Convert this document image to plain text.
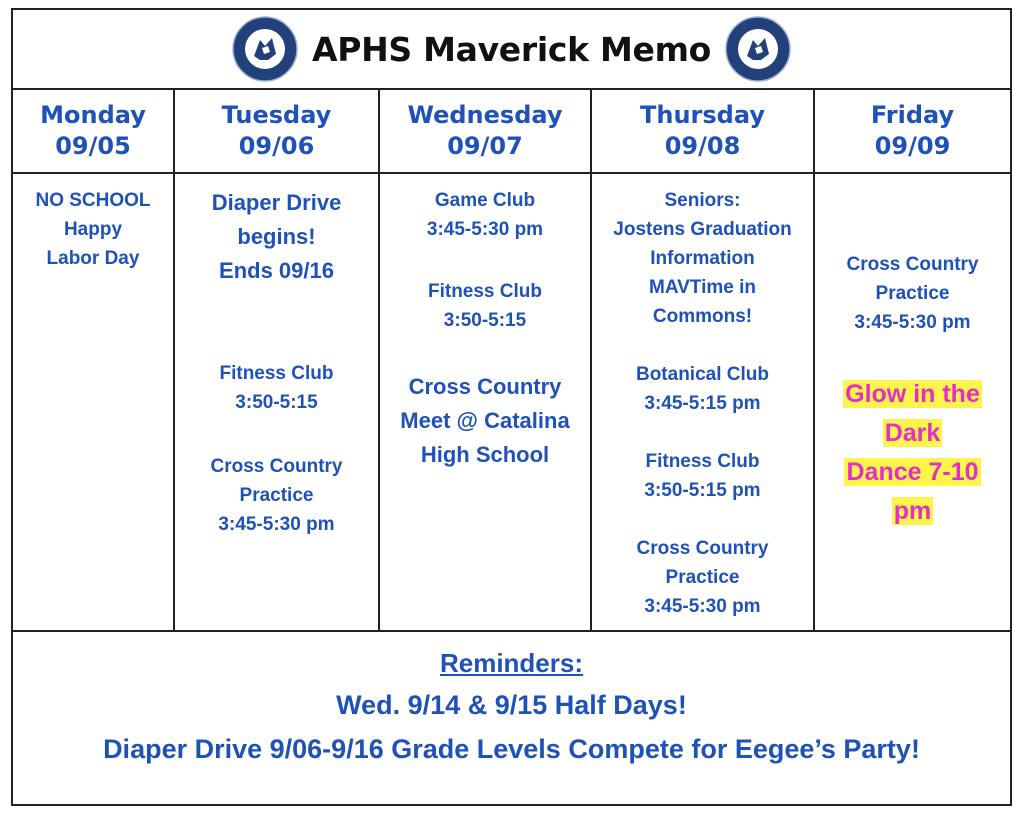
APHS Maverick Memo
Monday
09/05
NO SCHOOL
Happy
Labor Day
Tuesday
09/06
Diaper Drive
begins!
Ends 09/16
Fitness Club
3:50-5:15
Cross Country
Practice
3:45-5:30 pm
Wednesday
09/07
Game Club
3:45-5:30 pm
Fitness Club
3:50-5:15
Cross Country
Meet @ Catalina
High School
Thursday
09/08
Seniors:
Jostens Graduation
Information
MAVTime in
Commons!
Botanical Club
3:45-5:15 pm
Fitness Club
3:50-5:15 pm
Cross Country
Practice
3:45-5:30 pm
Friday
09/09
Cross Country
Practice
3:45-5:30 pm
Glow in the
Dark
Dance 7-10
pm
Reminders:
Wed. 9/14 & 9/15 Half Days!
Diaper Drive 9/06-9/16 Grade Levels Compete for Eegee’s Party!
